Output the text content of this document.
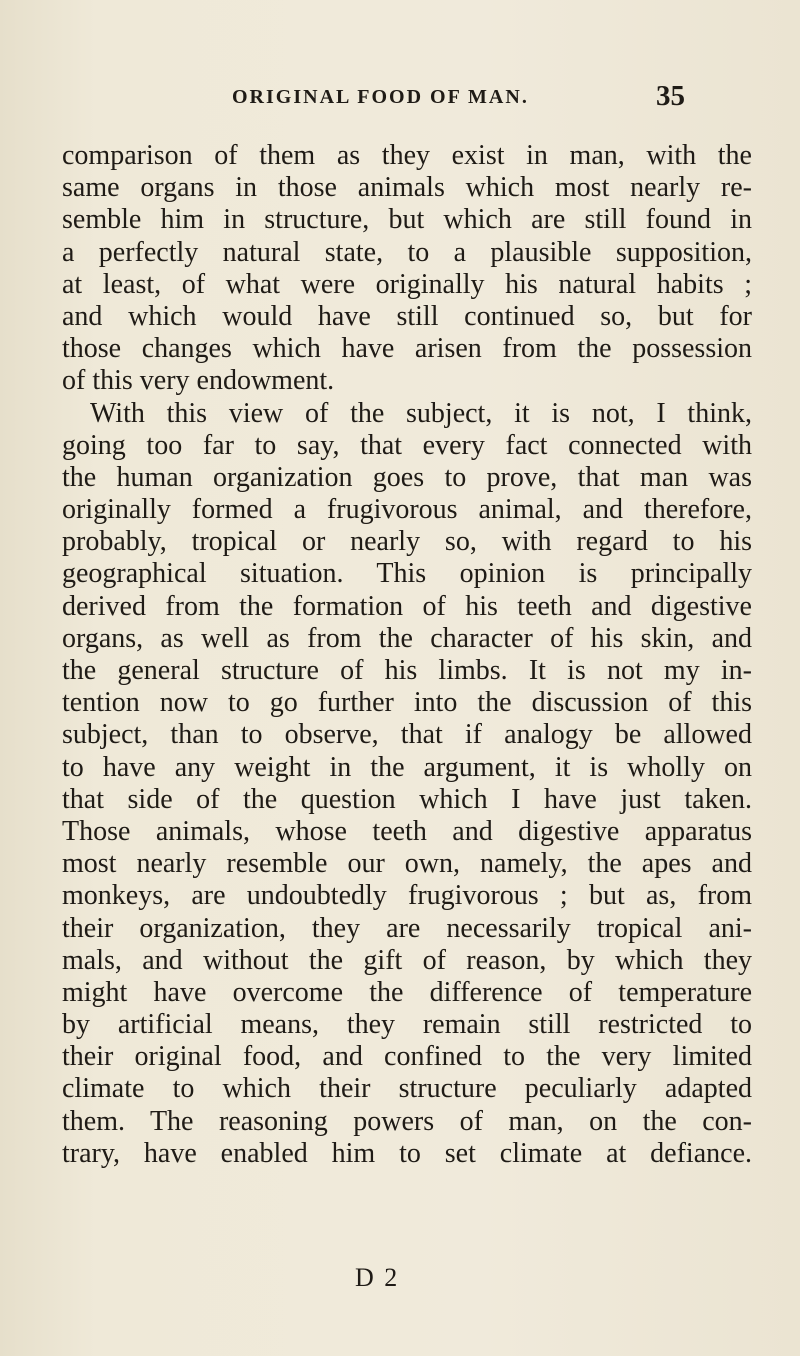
ORIGINAL FOOD OF MAN.	35
comparison of them as they exist in man, with the
same organs in those animals which most nearly re-
semble him in structure, but which are still found in
a perfectly natural state, to a plausible supposition,
at least, of what were originally his natural habits ;
and which would have still continued so, but for
those changes which have arisen from the possession
of this very endowment.
With this view of the subject, it is not, I think,
going too far to say, that every fact connected with
the human organization goes to prove, that man was
originally formed a frugivorous animal, and therefore,
probably, tropical or nearly so, with regard to his
geographical situation. This opinion is principally
derived from the formation of his teeth and digestive
organs, as well as from the character of his skin, and
the general structure of his limbs. It is not my in-
tention now to go further into the discussion of this
subject, than to observe, that if analogy be allowed
to have any weight in the argument, it is wholly on
that side of the question which I have just taken.
Those animals, whose teeth and digestive apparatus
most nearly resemble our own, namely, the apes and
monkeys, are undoubtedly frugivorous ; but as, from
their organization, they are necessarily tropical ani-
mals, and without the gift of reason, by which they
might have overcome the difference of temperature
by artificial means, they remain still restricted to
their original food, and confined to the very limited
climate to which their structure peculiarly adapted
them. The reasoning powers of man, on the con-
trary, have enabled him to set climate at defiance.
D 2
